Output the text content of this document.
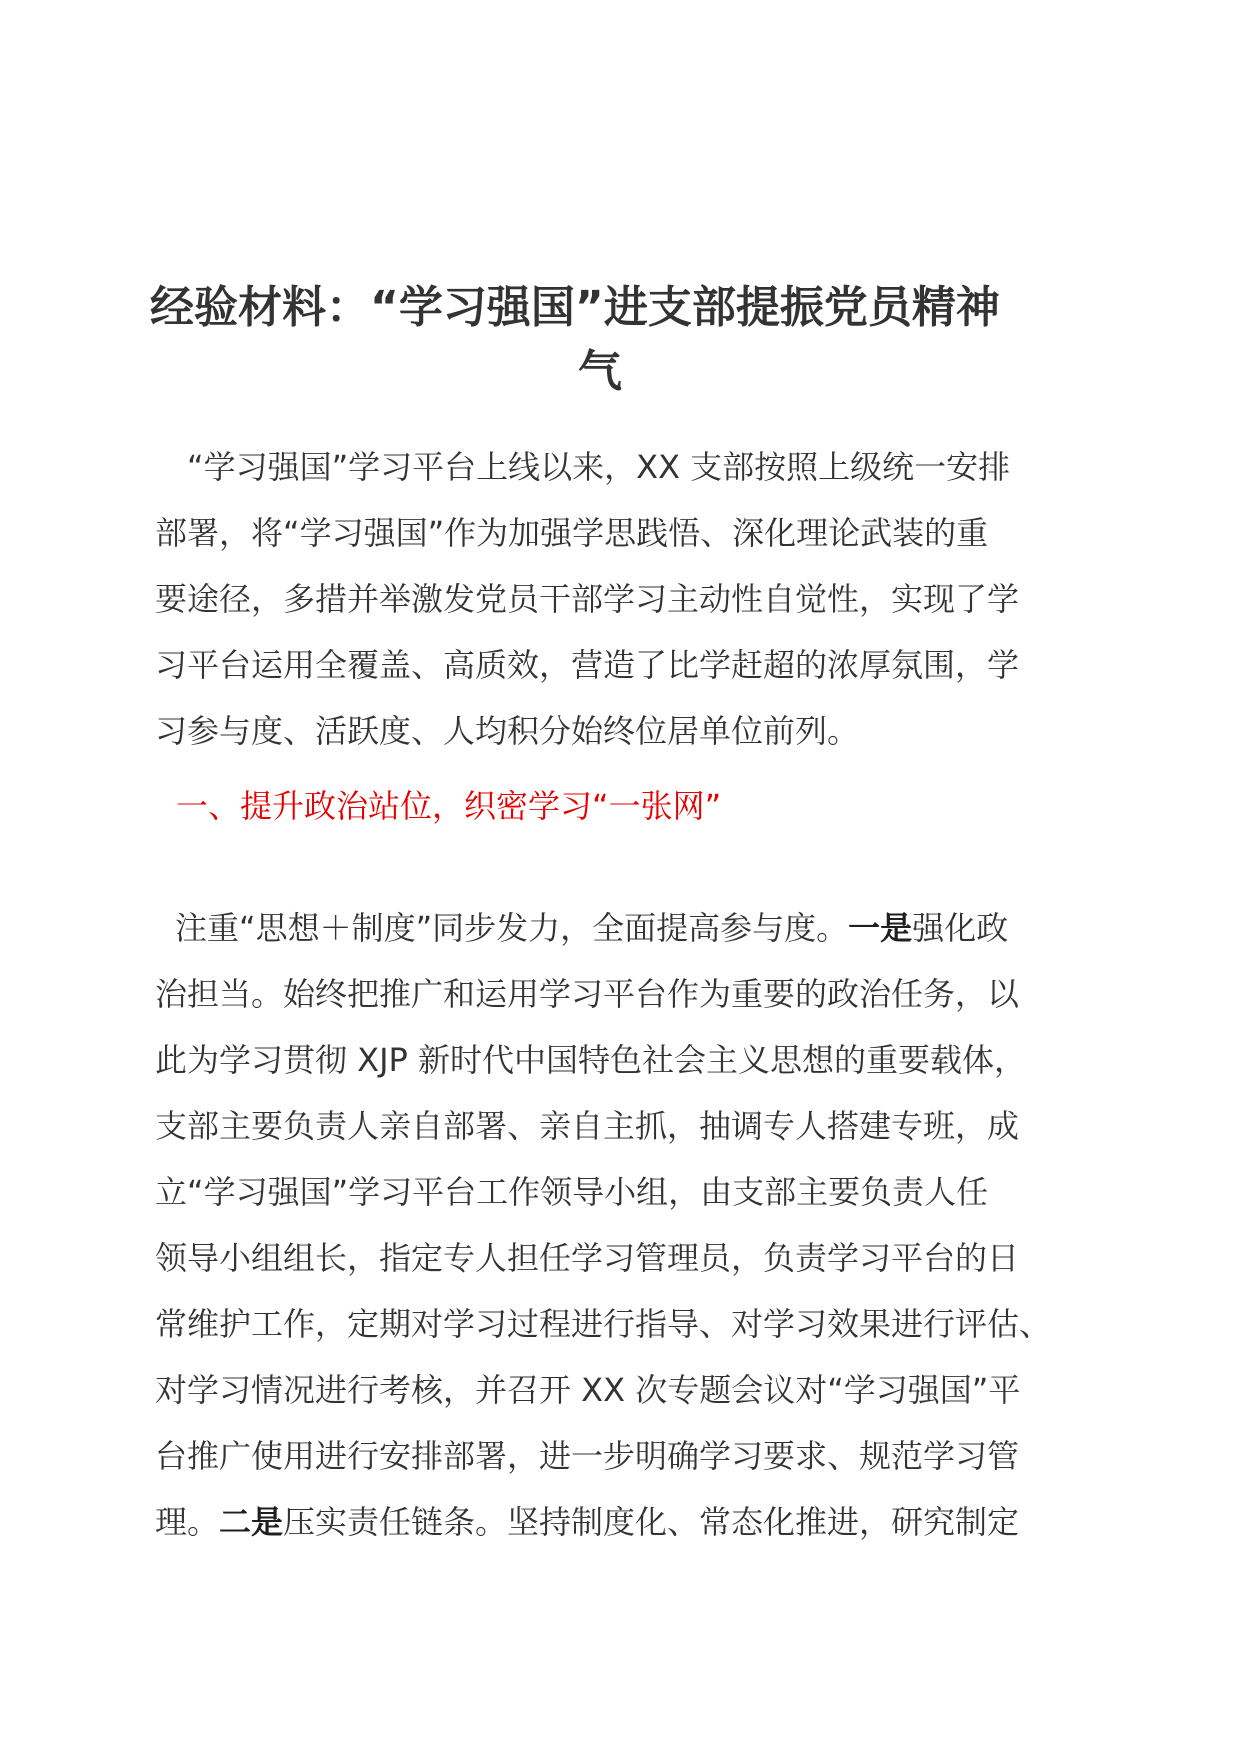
经验材料：“学习强国”进支部提振党员精神

气
“学习强国”学习平台上线以来，XX 支部按照上级统一安排
部署，将“学习强国”作为加强学思践悟、深化理论武装的重
要途径，多措并举激发党员干部学习主动性自觉性，实现了学
习平台运用全覆盖、高质效，营造了比学赶超的浓厚氛围，学
习参与度、活跃度、人均积分始终位居单位前列。
一、提升政治站位，织密学习“一张网”
注重“思想＋制度”同步发力，全面提高参与度。一是强化政
治担当。始终把推广和运用学习平台作为重要的政治任务，以
此为学习贯彻 XJP 新时代中国特色社会主义思想的重要载体，
支部主要负责人亲自部署、亲自主抓，抽调专人搭建专班，成
立“学习强国”学习平台工作领导小组，由支部主要负责人任
领导小组组长，指定专人担任学习管理员，负责学习平台的日
常维护工作，定期对学习过程进行指导、对学习效果进行评估、
对学习情况进行考核，并召开 XX 次专题会议对“学习强国”平
台推广使用进行安排部署，进一步明确学习要求、规范学习管
理。二是压实责任链条。坚持制度化、常态化推进，研究制定
